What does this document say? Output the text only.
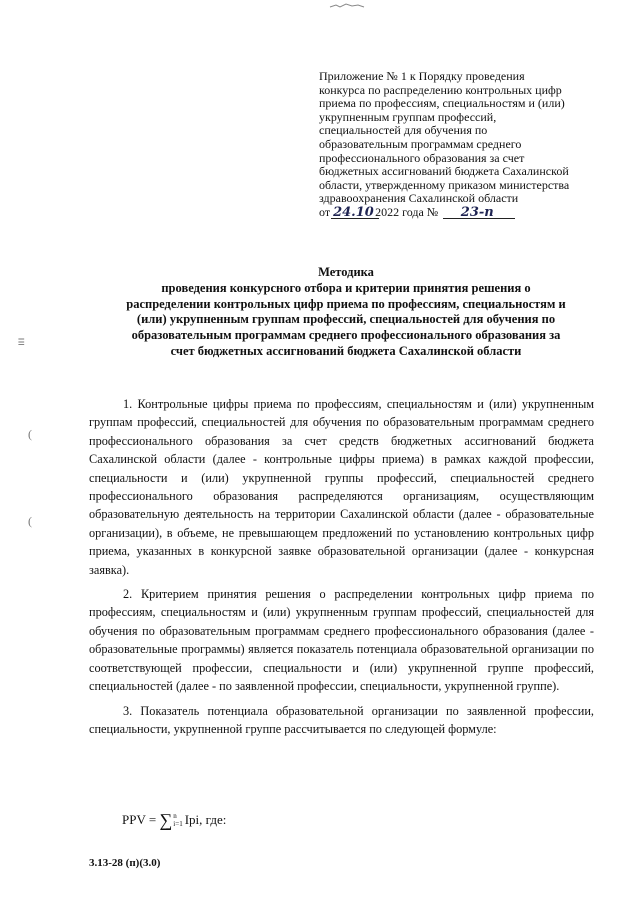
ⲷ
(
(
Приложение № 1 к Порядку проведения
конкурса по распределению контрольных цифр
приема по профессиям, специальностям и (или)
укрупненным группам профессий,
специальностей для обучения по
образовательным программам среднего
профессионального образования за счет
бюджетных ассигнований бюджета Сахалинской
области, утвержденному приказом министерства
здравоохранения Сахалинской области
от 24.102022 года № 23-п
Методика
проведения конкурсного отбора и критерии принятия решения о
распределении контрольных цифр приема по профессиям, специальностям и
(или) укрупненным группам профессий, специальностей для обучения по
образовательным программам среднего профессионального образования за
счет бюджетных ассигнований бюджета Сахалинской области

1. Контрольные цифры приема по профессиям, специальностям и (или) укрупненным группам профессий, специальностей для обучения по образовательным программам среднего профессионального образования за счет средств бюджетных ассигнований бюджета Сахалинской области (далее - контрольные цифры приема) в рамках каждой профессии, специальности и (или) укрупненной группы профессий, специальностей среднего профессионального образования распределяются организациям, осуществляющим образовательную деятельность на территории Сахалинской области (далее - образовательные организации), в объеме, не превышающем предложений по установлению контрольных цифр приема, указанных в конкурсной заявке образовательной организации (далее - конкурсная заявка).

2. Критерием принятия решения о распределении контрольных цифр приема по профессиям, специальностям и (или) укрупненным группам профессий, специальностей для обучения по образовательным программам среднего профессионального образования (далее - образовательные программы) является показатель потенциала образовательной организации по соответствующей профессии, специальности и (или) укрупненной группе профессий, специальностей (далее - по заявленной профессии, специальности, укрупненной группе).

3. Показатель потенциала образовательной организации по заявленной профессии, специальности, укрупненной группе рассчитывается по следующей формуле:

PPV = ∑ n
i=1 Ipi, где:
3.13-28 (п)(3.0)
